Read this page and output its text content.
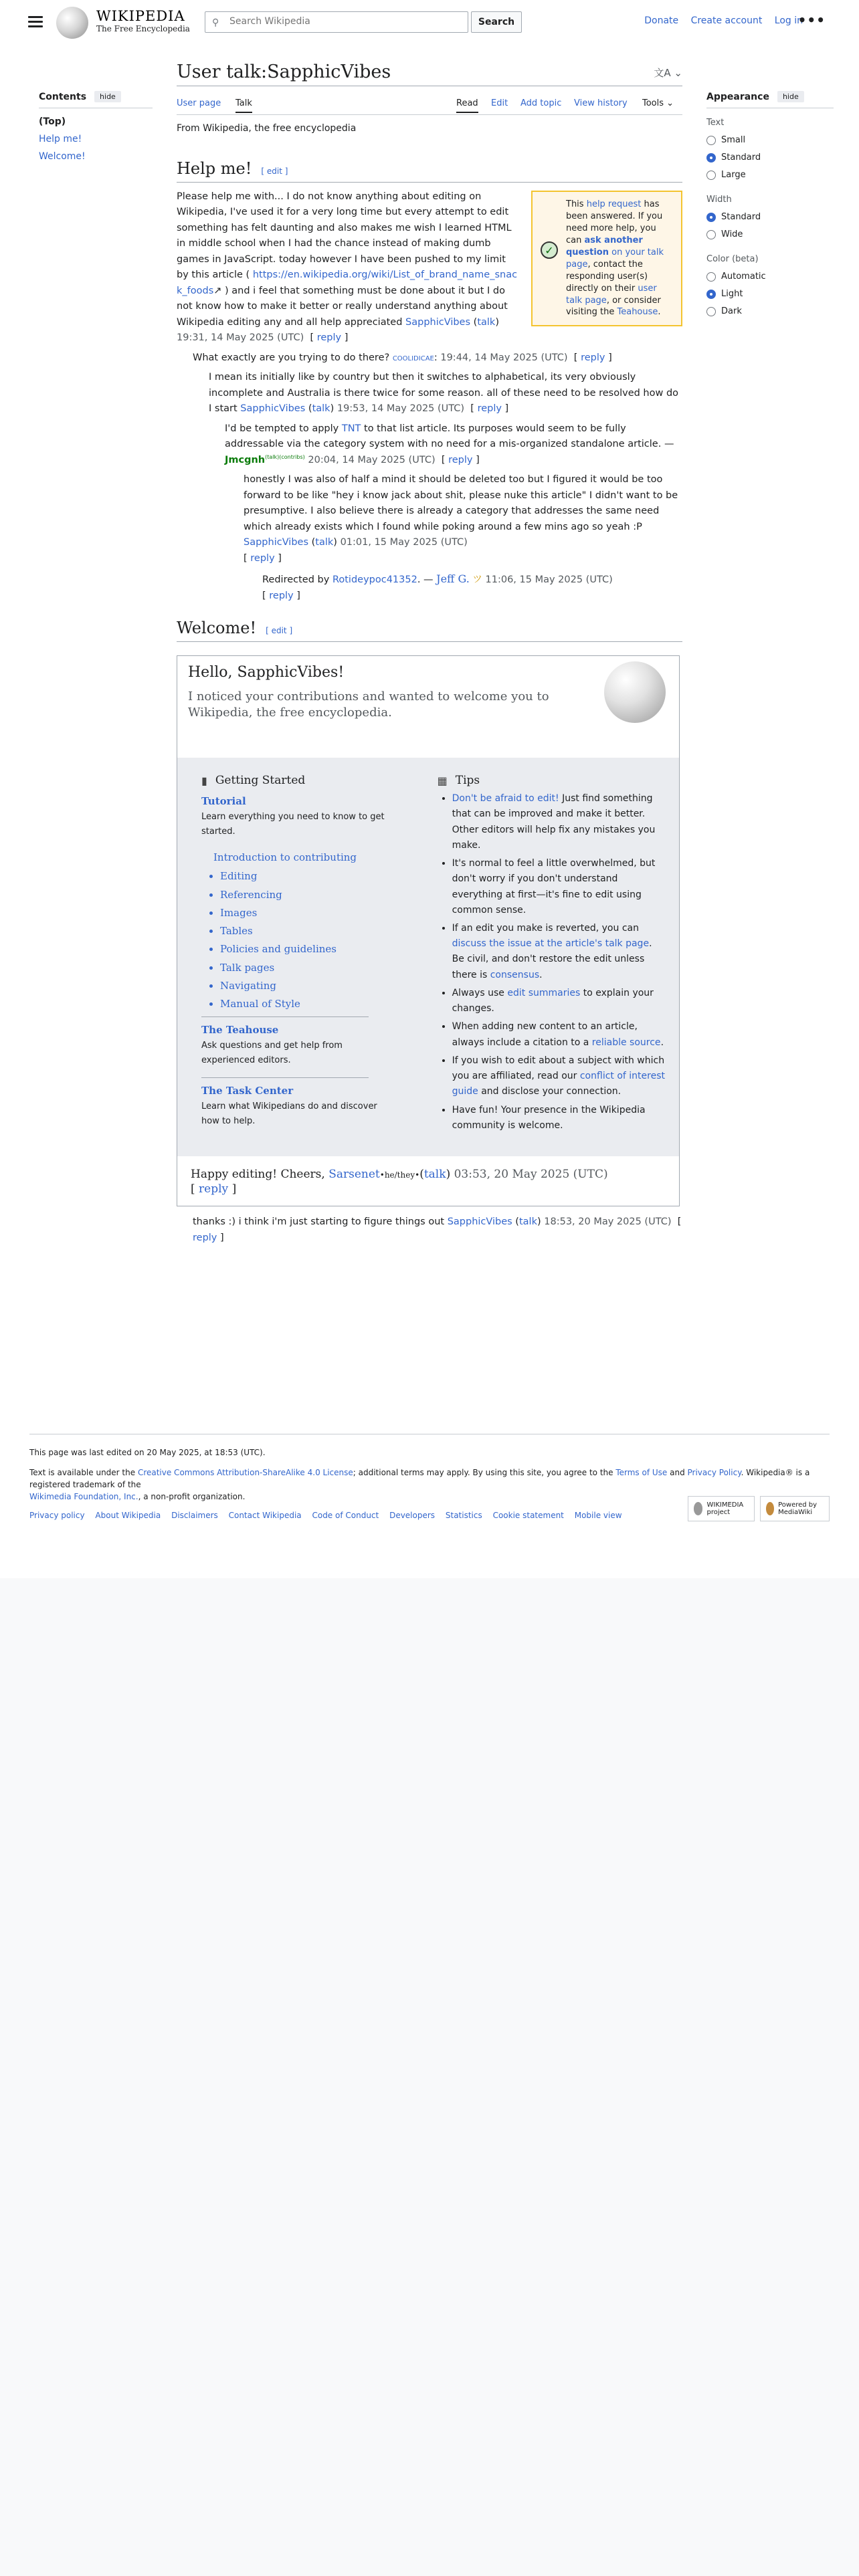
WIKIPEDIA
The Free Encyclopedia
⚲
Search Wikipedia	Search	Donate Create account Log in
•••
Contents	hide
(Top)
Help me!
Welcome!
User talk:SapphicVibes	文A ⌄
User page Talk	Read Edit Add topic View history Tools ⌄
From Wikipedia, the free encyclopedia
Help me! [ edit ]
✓
This help request has been answered. If you need more help, you can ask another question on your talk page, contact the responding user(s) directly on their user talk page, or consider visiting the Teahouse.

Please help me with... I do not know anything about editing on Wikipedia, I've used it for a very long time but every attempt to edit something has felt daunting and also makes me wish I learned HTML in middle school when I had the chance instead of making dumb games in JavaScript. today however I have been pushed to my limit by this article ( https://en.wikipedia.org/wiki/List_of_brand_name_snack_foods↗ ) and i feel that something must be done about it but I do not know how to make it better or really understand anything about Wikipedia editing any and all help appreciated SapphicVibes (talk) 19:31, 14 May 2025 (UTC)  [ reply ]

What exactly are you trying to do there? COOLIDICAE: 19:44, 14 May 2025 (UTC)  [ reply ]
I mean its initially like by country but then it switches to alphabetical, its very obviously incomplete and Australia is there twice for some reason. all of these need to be resolved how do I start SapphicVibes (talk) 19:53, 14 May 2025 (UTC)  [ reply ]
I'd be tempted to apply TNT to that list article. Its purposes would seem to be fully addressable via the category system with no need for a mis-organized standalone article. — Jmcgnh$^{(talk)(contribs)}$ 20:04, 14 May 2025 (UTC)  [ reply ]
honestly I was also of half a mind it should be deleted too but I figured it would be too forward to be like "hey i know jack about shit, please nuke this article" I didn't want to be presumptive. I also believe there is already a category that addresses the same need which already exists which I found while poking around a few mins ago so yeah :P SapphicVibes (talk) 01:01, 15 May 2025 (UTC)
[ reply ]
Redirected by Rotideypoc41352. — Jeff G. ツ 11:06, 15 May 2025 (UTC)
[ reply ]
Welcome! [ edit ]
Hello, SapphicVibes!
I noticed your contributions and wanted to welcome you to Wikipedia, the free encyclopedia.
▮ Getting Started
Tutorial
Learn everything you need to know to get started.
Introduction to contributing
• Editing
• Referencing
• Images
• Tables
• Policies and guidelines
• Talk pages
• Navigating
• Manual of Style
The Teahouse
Ask questions and get help from experienced editors.
The Task Center
Learn what Wikipedians do and discover how to help.
▦ Tips
• Don't be afraid to edit! Just find something that can be improved and make it better. Other editors will help fix any mistakes you make.
• It's normal to feel a little overwhelmed, but don't worry if you don't understand everything at first—it's fine to edit using common sense.
• If an edit you make is reverted, you can discuss the issue at the article's talk page. Be civil, and don't restore the edit unless there is consensus.
• Always use edit summaries to explain your changes.
• When adding new content to an article, always include a citation to a reliable source.
• If you wish to edit about a subject with which you are affiliated, read our conflict of interest guide and disclose your connection.
• Have fun! Your presence in the Wikipedia community is welcome.
Happy editing! Cheers, Sarsenet•he/they•(talk) 03:53, 20 May 2025 (UTC)
[ reply ]
thanks :) i think i'm just starting to figure things out SapphicVibes (talk) 18:53, 20 May 2025 (UTC)  [ reply ]
Appearance	hide
Text
Small
Standard
Large
Width
Standard
Wide
Color (beta)
Automatic
Light
Dark

This page was last edited on 20 May 2025, at 18:53 (UTC).

Text is available under the Creative Commons Attribution-ShareAlike 4.0 License; additional terms may apply. By using this site, you agree to the Terms of Use and Privacy Policy. Wikipedia® is a registered trademark of the
Wikimedia Foundation, Inc., a non-profit organization.

Privacy policy About Wikipedia Disclaimers Contact Wikipedia Code of Conduct Developers Statistics Cookie statement Mobile view
WIKIMEDIA project
Powered by MediaWiki
